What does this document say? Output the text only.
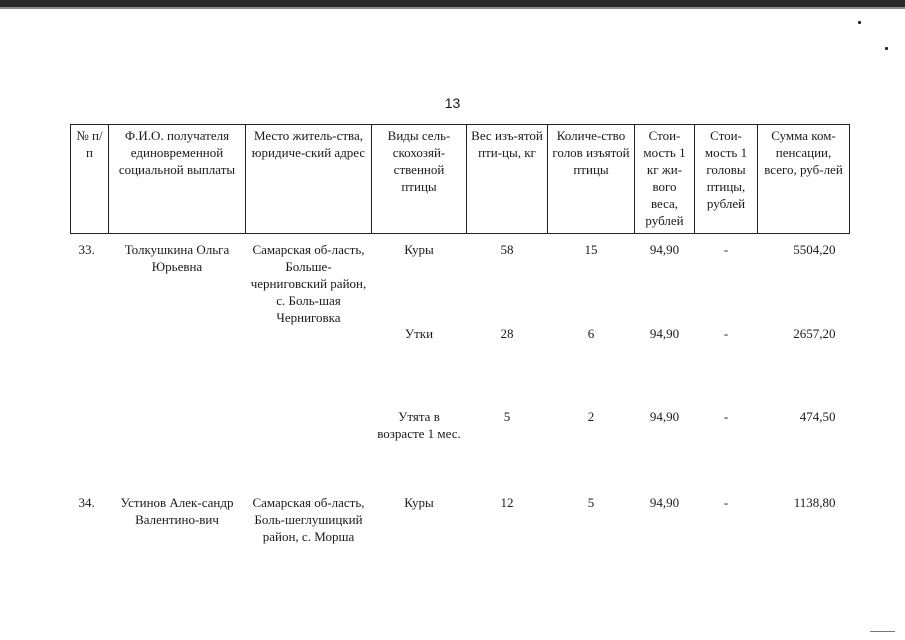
13
№ п/п	Ф.И.О. получателя единовременной социальной выплаты	Место житель-ства, юридиче-ский адрес	Виды сель-скохозяй-ственной птицы	Вес изъ-ятой пти-цы, кг	Количе-ство голов изъятой птицы	Стои-мость 1 кг жи-вого веса, рублей	Стои-мость 1 головы птицы, рублей	Сумма ком-пенсации, всего, руб-лей

33.	Толкушкина Ольга Юрьевна	Самарская об-ласть, Больше-черниговский район, с. Боль-шая Черниговка	Куры	58	15	94,90	-	5504,20
			Утки	28	6	94,90	-	2657,20
			Утята в возрасте 1 мес.	5	2	94,90	-	474,50
34.	Устинов Алек-сандр Валентино-вич	Самарская об-ласть, Боль-шеглушицкий район, с. Морша	Куры	12	5	94,90	-	1138,80
